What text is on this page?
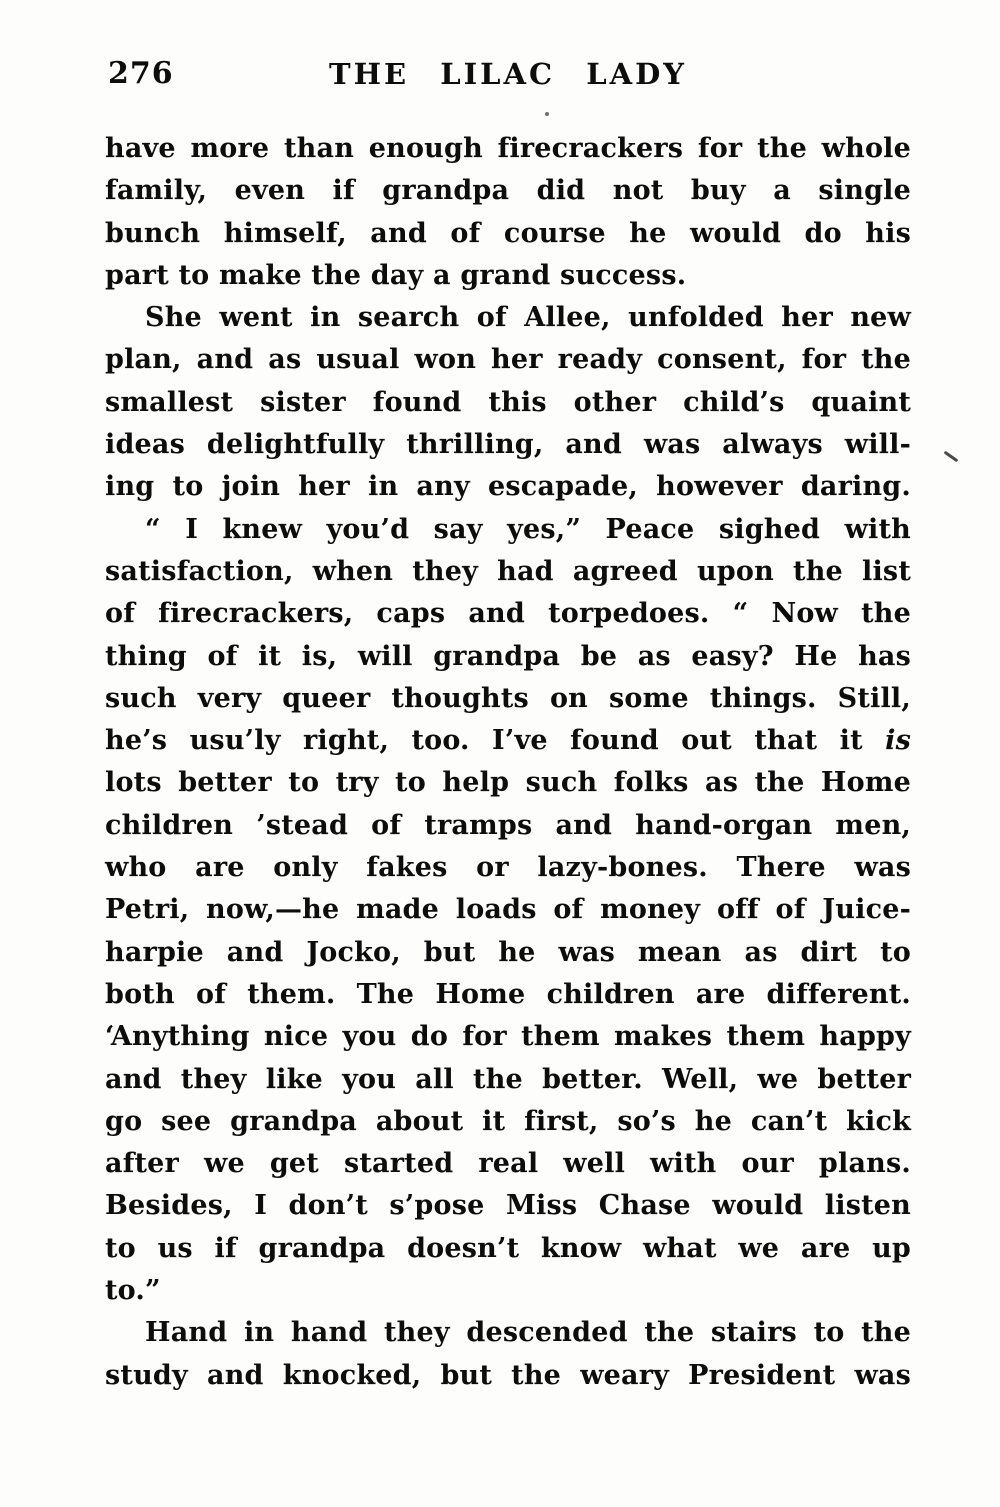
276	THE LILAC LADY
have more than enough firecrackers for the whole
family, even if grandpa did not buy a single
bunch himself, and of course he would do his
part to make the day a grand success.
She went in search of Allee, unfolded her new
plan, and as usual won her ready consent, for the
smallest sister found this other child’s quaint
ideas delightfully thrilling, and was always will-
ing to join her in any escapade, however daring.
“ I knew you’d say yes,” Peace sighed with
satisfaction, when they had agreed upon the list
of firecrackers, caps and torpedoes. “ Now the
thing of it is, will grandpa be as easy? He has
such very queer thoughts on some things. Still,
he’s usu’ly right, too. I’ve found out that it is
lots better to try to help such folks as the Home
children ’stead of tramps and hand-organ men,
who are only fakes or lazy-bones. There was
Petri, now,—he made loads of money off of Juice-
harpie and Jocko, but he was mean as dirt to
both of them. The Home children are different.
‘Anything nice you do for them makes them happy
and they like you all the better. Well, we better
go see grandpa about it first, so’s he can’t kick
after we get started real well with our plans.
Besides, I don’t s’pose Miss Chase would listen
to us if grandpa doesn’t know what we are up
to.”
Hand in hand they descended the stairs to the
study and knocked, but the weary President was
